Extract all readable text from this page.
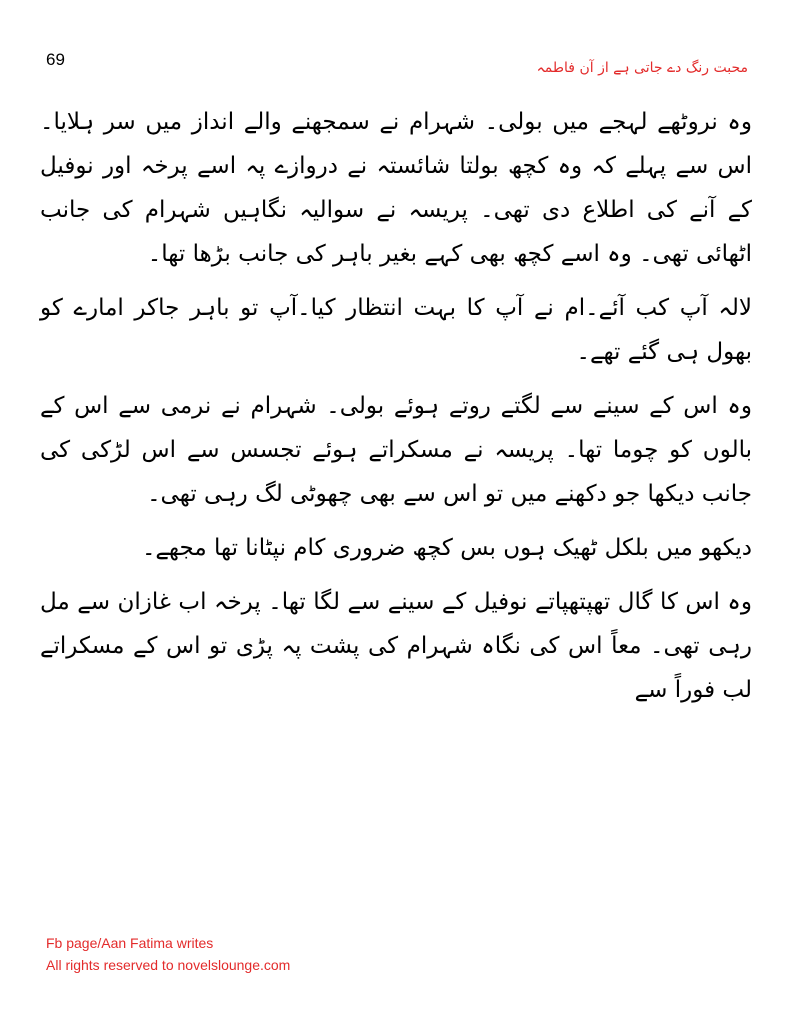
69	محبت رنگ دے جاتی ہے از آن فاطمہ

وہ نروٹھے لہجے میں بولی۔ شہرام نے سمجھنے والے انداز میں سر ہلایا۔اس سے پہلے کہ وہ کچھ بولتا شائستہ نے دروازے پہ اسے پرخہ اور نوفیل کے آنے کی اطلاع دی تھی۔ پریسہ نے سوالیہ نگاہیں شہرام کی جانب اٹھائی تھی۔ وہ اسے کچھ بھی کہے بغیر باہر کی جانب بڑھا تھا۔

لالہ آپ کب آئے۔ام نے آپ کا بہت انتظار کیا۔آپ تو باہر جاکر امارے کو بھول ہی گئے تھے۔

وہ اس کے سینے سے لگتے روتے ہوئے بولی۔ شہرام نے نرمی سے اس کے بالوں کو چوما تھا۔ پریسہ نے مسکراتے ہوئے تجسس سے اس لڑکی کی جانب دیکھا جو دکھنے میں تو اس سے بھی چھوٹی لگ رہی تھی۔

دیکھو میں بلکل ٹھیک ہوں بس کچھ ضروری کام نپٹانا تھا مجھے۔

وہ اس کا گال تھپتھپاتے نوفیل کے سینے سے لگا تھا۔ پرخہ اب غازان سے مل رہی تھی۔ معاً اس کی نگاہ شہرام کی پشت پہ پڑی تو اس کے مسکراتے لب فوراً سے

Fb page/Aan Fatima writes
All rights reserved to novelslounge.com
